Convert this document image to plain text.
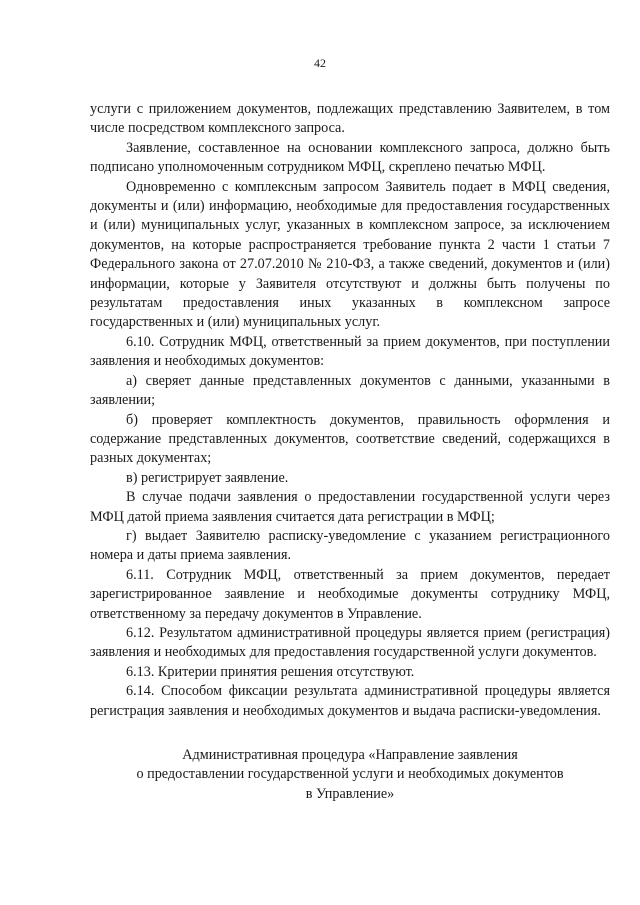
42

услуги с приложением документов, подлежащих представлению Заявителем, в том числе посредством комплексного запроса.

Заявление, составленное на основании комплексного запроса, должно быть подписано уполномоченным сотрудником МФЦ, скреплено печатью МФЦ.

Одновременно с комплексным запросом Заявитель подает в МФЦ сведения, документы и (или) информацию, необходимые для предоставления государственных и (или) муниципальных услуг, указанных в комплексном запросе, за исключением документов, на которые распространяется требование пункта 2 части 1 статьи 7 Федерального закона от 27.07.2010 № 210-ФЗ, а также сведений, документов и (или) информации, которые у Заявителя отсутствуют и должны быть получены по результатам предоставления иных указанных в комплексном запросе государственных и (или) муниципальных услуг.

6.10. Сотрудник МФЦ, ответственный за прием документов, при поступлении заявления и необходимых документов:

а) сверяет данные представленных документов с данными, указанными в заявлении;

б) проверяет комплектность документов, правильность оформления и содержание представленных документов, соответствие сведений, содержащихся в разных документах;

в) регистрирует заявление.

В случае подачи заявления о предоставлении государственной услуги через МФЦ датой приема заявления считается дата регистрации в МФЦ;

г) выдает Заявителю расписку-уведомление с указанием регистрационного номера и даты приема заявления.

6.11. Сотрудник МФЦ, ответственный за прием документов, передает зарегистрированное заявление и необходимые документы сотруднику МФЦ, ответственному за передачу документов в Управление.

6.12. Результатом административной процедуры является прием (регистрация) заявления и необходимых для предоставления государственной услуги документов.

6.13. Критерии принятия решения отсутствуют.

6.14. Способом фиксации результата административной процедуры является регистрация заявления и необходимых документов и выдача расписки-уведомления.

Административная процедура «Направление заявления
о предоставлении государственной услуги и необходимых документов
в Управление»
